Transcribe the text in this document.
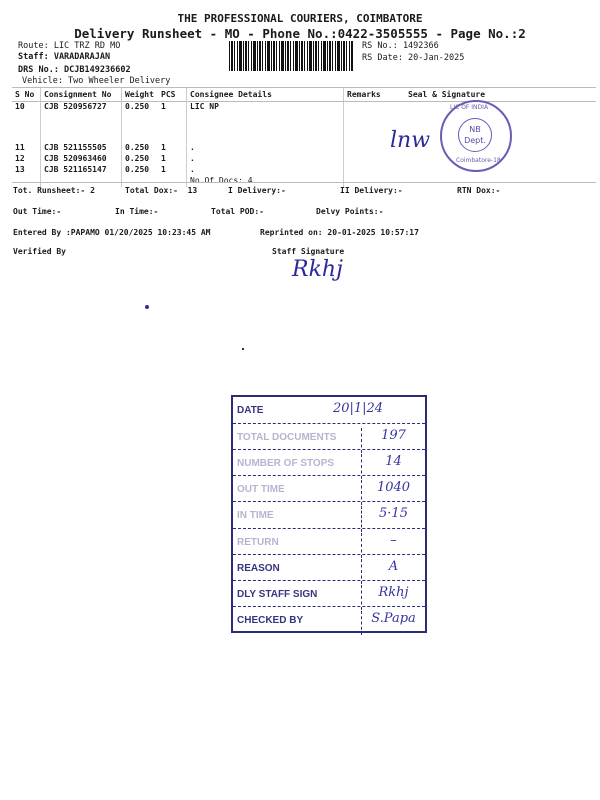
THE PROFESSIONAL COURIERS, COIMBATORE
Delivery Runsheet - MO - Phone No.:0422-3505555 - Page No.:2
Route: LIC TRZ RD MO
Staff: VARADARAJAN
DRS No.: DCJB149236602
Vehicle: Two Wheeler Delivery
RS No.: 1492366
RS Date: 20-Jan-2025
S No	Consignment No	Weight	PCS	Consignee Details	Remarks	Seal & Signature
10	CJB 520956727	0.250	1	LIC NP		

11	CJB 521155505	0.250	1	.		
12	CJB 520963460	0.250	1	.		
13	CJB 521165147	0.250	1	.		
				No.Of Docs: 4		
lnw
LIC OF INDIA
Coimbatore-18
NB
Dept.
Tot. Runsheet:- 2	Total Dox:-  13	I Delivery:-	II Delivery:-	RTN Dox:-
Out Time:-	In Time:-	Total POD:-	Delvy Points:-
Entered By :PAPAMO 01/20/2025 10:23:45 AM	Reprinted on: 20-01-2025 10:57:17
Verified By	Staff Signature
Rkhj
DATE	20|1|24
TOTAL DOCUMENTS	197
NUMBER OF STOPS	14
OUT TIME	1040
IN TIME	5·15
RETURN	–
REASON	A
DLY STAFF SIGN	Rkhj
CHECKED BY	S.Papa
